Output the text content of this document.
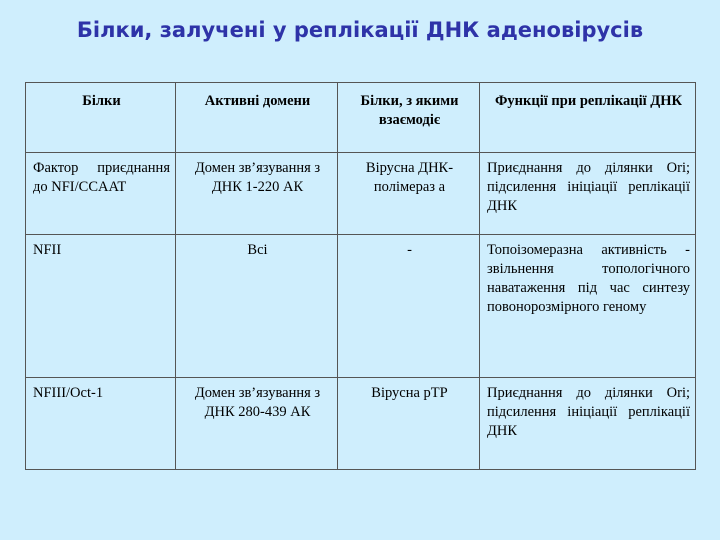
Білки, залучені у реплікації ДНК аденовірусів
Білки	Активні домени	Білки, з якими взаємодіє	Функції при реплікації ДНК
Фактор приєднання до NFI/CCAAT	Домен зв’язування з ДНК 1-220 АК	Вірусна ДНК-полімераз а	Приєднання до ділянки Ori; підсилення ініціації реплікації ДНК
NFII	Всі	-	Топоізомеразна активність - звільнення топологічного наватаження під час синтезу повонорозмірного геному
NFIII/Oct-1	Домен зв’язування з ДНК 280-439 АК	Вірусна pTP	Приєднання до ділянки Ori; підсилення ініціації реплікації ДНК
